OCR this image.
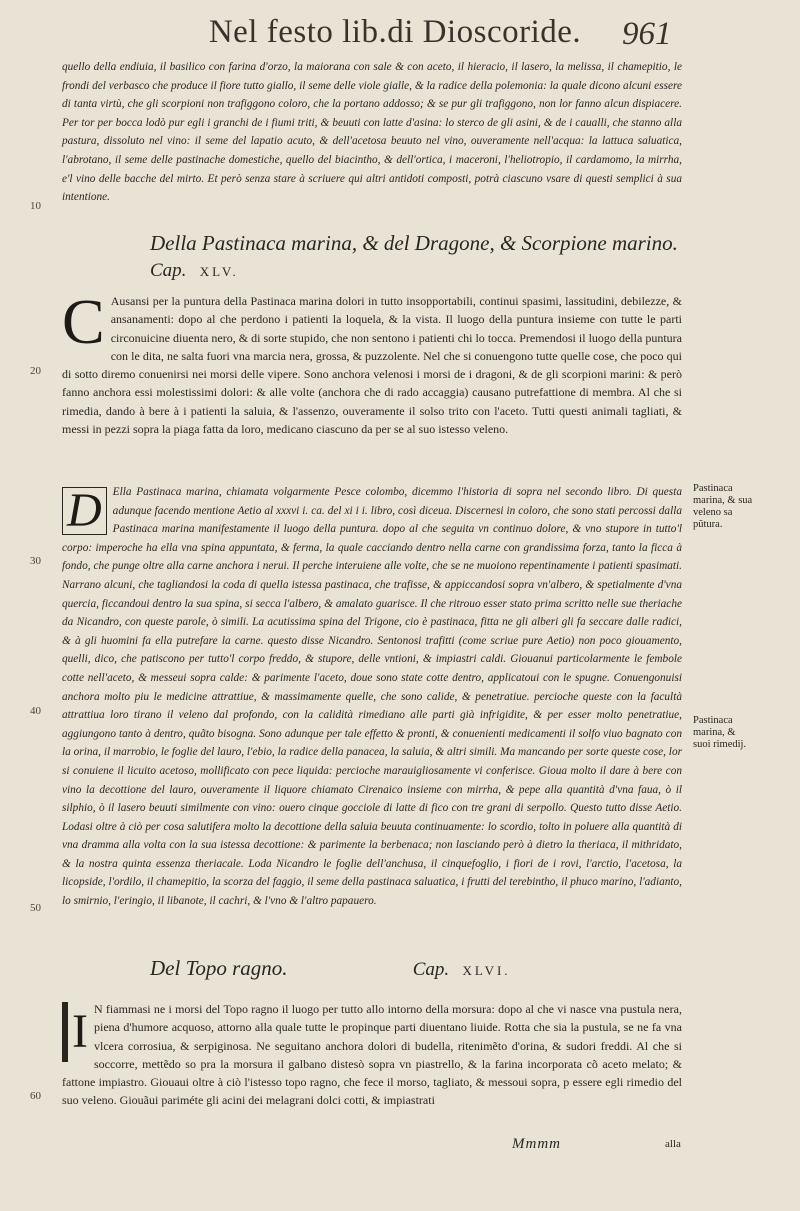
Nel festo lib.di Dioscoride.	961
quello della endiuia, il basilico con farina d'orzo, la maiorana con sale & con aceto, il hieracio, il lasero, la melissa, il chamepitio, le frondi del verbasco che produce il fiore tutto giallo, il seme delle viole gialle, & la radice della polemonia: la quale dicono alcuni essere di tanta virtù, che gli scorpioni non trafiggono coloro, che la portano addosso; & se pur gli trafiggono, non lor fanno alcun dispiacere. Per tor per bocca lodò pur egli i granchi de i fiumi triti, & beuuti con latte d'asina: lo sterco de gli asini, & de i caualli, che stanno alla pastura, dissoluto nel vino: il seme del lapatio acuto, & dell'acetosa beuuto nel vino, ouveramente nell'acqua: la lattuca saluatica, l'abrotano, il seme delle pastinache domestiche, quello del biacintho, & dell'ortica, i maceroni, l'heliotropio, il cardamomo, la mirrha, e'l vino delle bacche del mirto. Et però senza stare à scriuere qui altri antidoti composti, potrà ciascuno vsare di questi semplici à sua intentione.
10
Della Pastinaca marina, & del Dragone, & Scorpione marino. Cap. XLV.
C Ausansi per la puntura della Pastinaca marina dolori in tutto insopportabili, continui spasimi, lassitudini, debilezze, & ansanamenti: dopo al che perdono i patienti la loquela, & la vista. Il luogo della puntura insieme con tutte le parti circonuicine diuenta nero, & di sorte stupido, che non sentono i patienti chi lo tocca. Premendosi il luogo della puntura con le dita, ne salta fuori vna marcia nera, grossa, & puzzolente. Nel che si conuengono tutte quelle cose, che poco qui di sotto diremo conuenirsi nei morsi delle vipere. Sono anchora velenosi i morsi de i dragoni, & de gli scorpioni marini: & però fanno anchora essi molestissimi dolori: & alle volte (anchora che di rado accaggia) causano putrefattione di membra. Al che si rimedia, dando à bere à i patienti la saluia, & l'assenzo, ouveramente il solso trito con l'aceto. Tutti questi animali tagliati, & messi in pezzi sopra la piaga fatta da loro, medicano ciascuno da per se al suo istesso veleno.
20
D Ella Pastinaca marina, chiamata volgarmente Pesce colombo, dicemmo l'historia di sopra nel secondo libro. Di questa adunque facendo mentione Aetio al xxxvi i. ca. del xi i i. libro, così diceua. Discernesi in coloro, che sono stati percossi dalla Pastinaca marina manifestamente il luogo della puntura. dopo al che seguita vn continuo dolore, & vno stupore in tutto'l corpo: imperoche ha ella vna spina appuntata, & ferma, la quale cacciando dentro nella carne con grandissima forza, tanto la ficca à fondo, che punge oltre alla carne anchora i nerui. Il perche interuiene alle volte, che se ne muoiono repentinamente i patienti spasimati. Narrano alcuni, che tagliandosi la coda di quella istessa pastinaca, che trafisse, & appiccandosi sopra vn'albero, & spetialmente d'vna quercia, ficcandoui dentro la sua spina, si secca l'albero, & amalato guarisce. Il che ritrouo esser stato prima scritto nelle sue theriache da Nicandro, con queste parole, ò simili. La acutissima spina del Trigone, cio è pastinaca, fitta ne gli alberi gli fa seccare dalle radici, & à gli huomini fa ella putrefare la carne. questo disse Nicandro. Sentonosi trafitti (come scriue pure Aetio) non poco giouamento, quelli, dico, che patiscono per tutto'l corpo freddo, & stupore, delle vntioni, & impiastri caldi. Giouanui particolarmente le fembole cotte nell'aceto, & messeui sopra calde: & parimente l'aceto, doue sono state cotte dentro, applicatoui con le spugne. Conuengonuisi anchora molto piu le medicine attrattiue, & massimamente quelle, che sono calide, & penetratiue. percioche queste con la facultà attrattiua loro tirano il veleno dal profondo, con la calidità rimediano alle parti già infrigidite, & per esser molto penetratiue, aggiungono tanto à dentro, quãto bisogna. Sono adunque per tale effetto & pronti, & conuenienti medicamenti il solfo viuo bagnato con la orina, il marrobio, le foglie del lauro, l'ebio, la radice della panacea, la saluia, & altri simili. Ma mancando per sorte queste cose, lor si conuiene il licuito acetoso, mollificato con pece liquida: percioche marauigliosamente vi conferisce. Gioua molto il dare à bere con vino la decottione del lauro, ouveramente il liquore chiamato Cirenaico insieme con mirrha, & pepe alla quantità d'vna faua, ò il silphio, ò il lasero beuuti similmente con vino: ouero cinque gocciole di latte di fico con tre grani di serpollo. Questo tutto disse Aetio. Lodasi oltre à ciò per cosa salutifera molto la decottione della saluia beuuta continuamente: lo scordio, tolto in poluere alla quantità di vna dramma alla volta con la sua istessa decottione: & parimente la berbenaca; non lasciando però à dietro la theriaca, il mithridato, & la nostra quinta essenza theriacale. Loda Nicandro le foglie dell'anchusa, il cinquefoglio, i fiori de i rovi, l'arctio, l'acetosa, la licopside, l'ordilo, il chamepitio, la scorza del faggio, il seme della pastinaca saluatica, i frutti del terebintho, il phuco marino, l'adianto, lo smirnio, l'eringio, il libanote, il cachri, & l'vno & l'altro papauero.
30
40
50
Pastinaca marina, & sua veleno sa pũtura.
Pastinaca marina, & suoi rimedij.
Del Topo ragno.	Cap. XLVI.
I N fiammasi ne i morsi del Topo ragno il luogo per tutto allo intorno della morsura: dopo al che vi nasce vna pustula nera, piena d'humore acquoso, attorno alla quale tutte le propinque parti diuentano liuide. Rotta che sia la pustula, se ne fa vna vlcera corrosiua, & serpiginosa. Ne seguitano anchora dolori di budella, ritenimẽto d'orina, & sudori freddi. Al che si soccorre, mettẽdo so pra la morsura il galbano distesò sopra vn piastrello, & la farina incorporata cõ aceto melato; & fattone impiastro. Giouaui oltre à ciò l'istesso topo ragno, che fece il morso, tagliato, & messoui sopra, p essere egli rimedio del suo veleno. Giouãui pariméte gli acini dei melagrani dolci cotti, & impiastrati
60
Mmmm	alla
